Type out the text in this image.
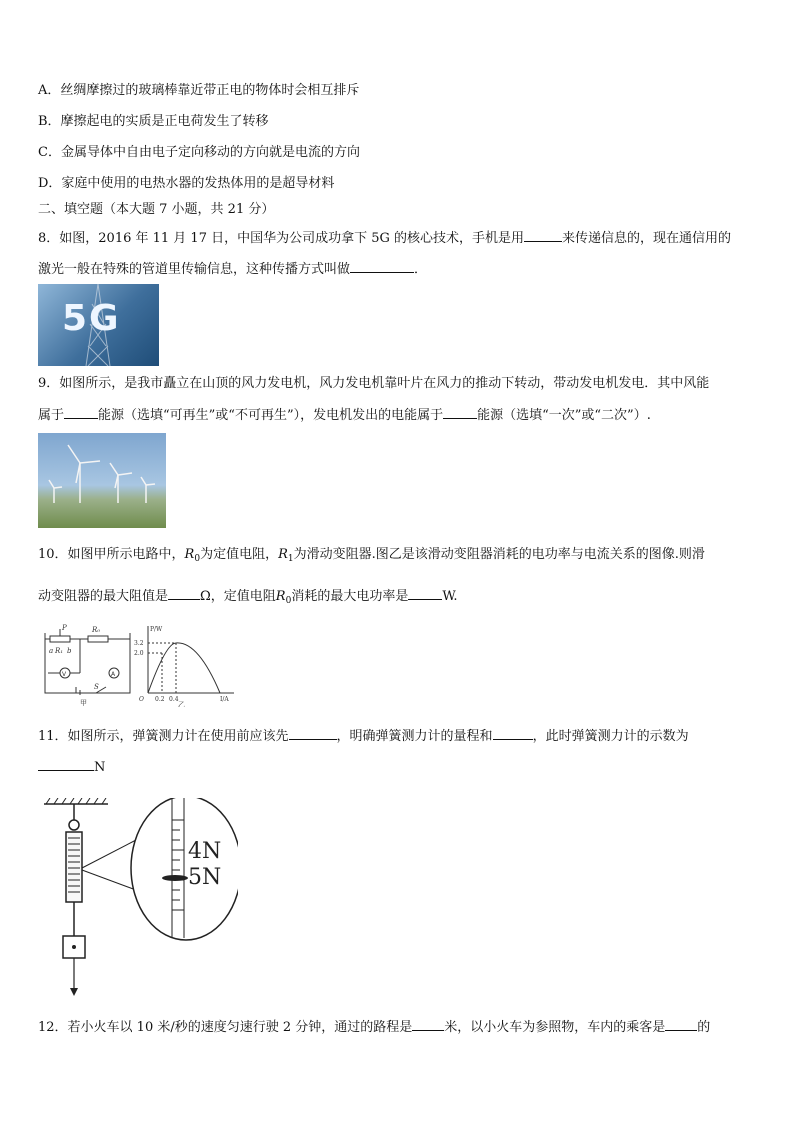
A．丝绸摩擦过的玻璃棒靠近带正电的物体时会相互排斥
B．摩擦起电的实质是正电荷发生了转移
C．金属导体中自由电子定向移动的方向就是电流的方向
D．家庭中使用的电热水器的发热体用的是超导材料
二、填空题（本大题 7 小题，共 21 分）
8．如图，2016 年 11 月 17 日，中国华为公司成功拿下 5G 的核心技术，手机是用	来传递信息的，现在通信用的
激光一般在特殊的管道里传输信息，这种传播方式叫做	．
5G
9．如图所示，是我市矗立在山顶的风力发电机，风力发电机靠叶片在风力的推动下转动，带动发电机发电．其中风能
属于	能源（选填“可再生”或“不可再生”），发电机发出的电能属于	能源（选填“一次”或“二次”）.
10．如图甲所示电路中，$R_0$为定值电阻，$R_1$为滑动变阻器.图乙是该滑动变阻器消耗的电功率与电流关系的图像.则滑
动变阻器的最大阻值是 Ω，定值电阻$R_0$消耗的最大电功率是	W.
P	R₀
a R₁ b
V	A
S
甲
P/W
I/A
O
3.2
2.0
0.2 0.4
乙
11．如图所示，弹簧测力计在使用前应该先	，明确弹簧测力计的量程和	，此时弹簧测力计的示数为
N
4N
5N
12．若小火车以 10 米/秒的速度匀速行驶 2 分钟，通过的路程是 米，以小火车为参照物，车内的乘客是 的
